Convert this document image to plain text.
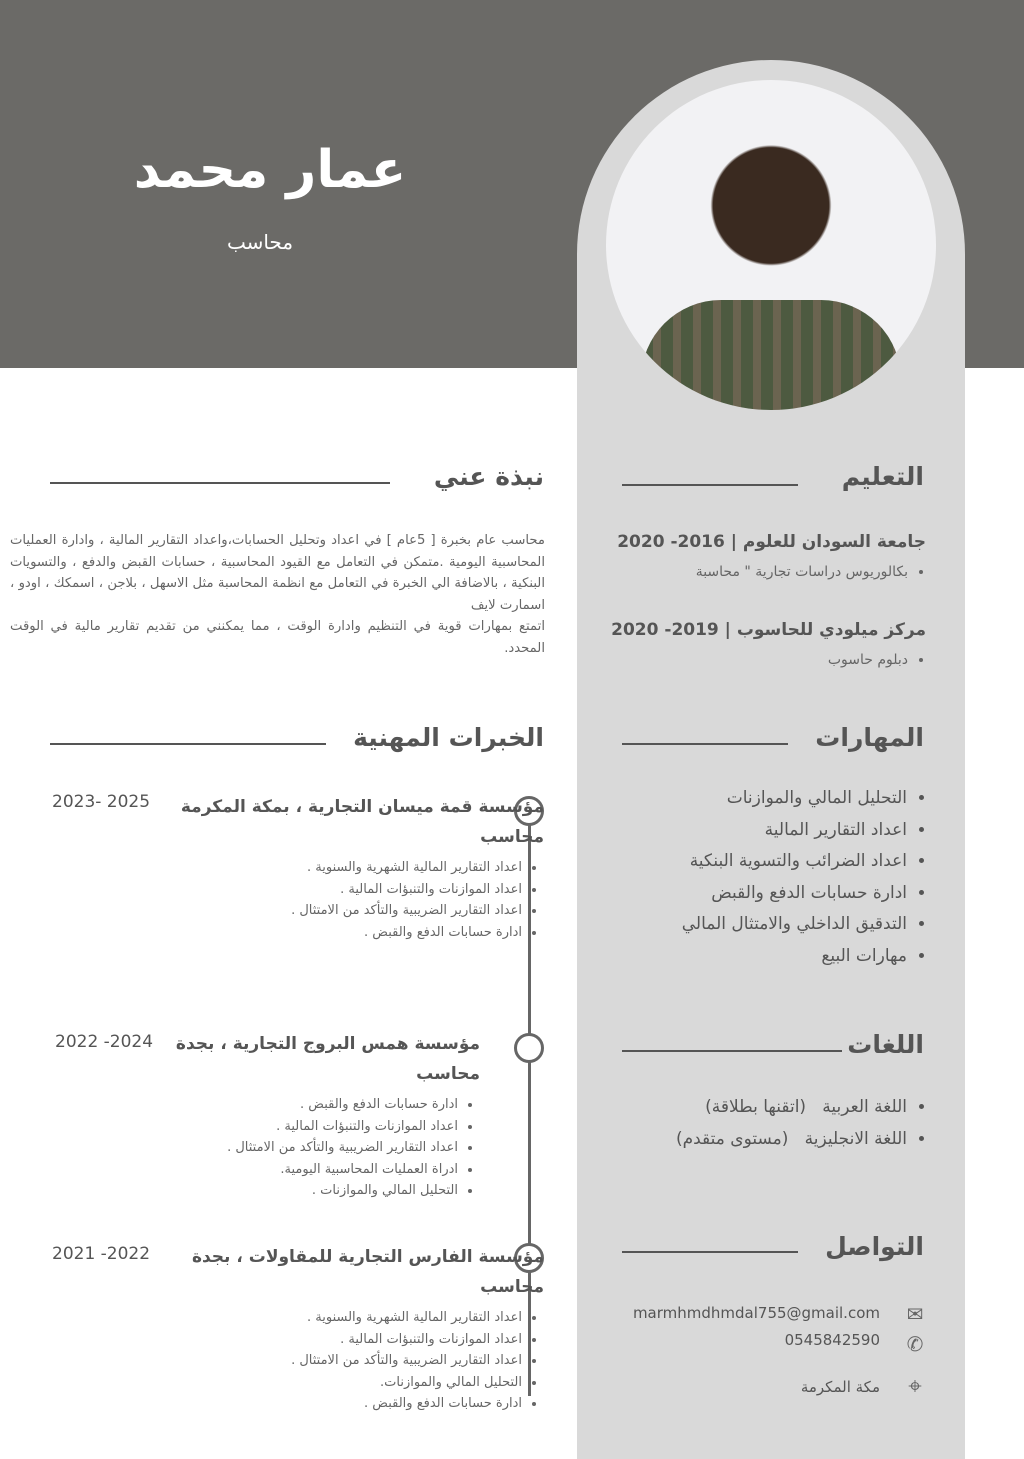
عمار محمد
محاسب
التعليم
جامعة السودان للعلوم | 2016- 2020
• بكالوريوس دراسات تجارية " محاسبة
مركز ميلودي للحاسوب | 2019- 2020
• دبلوم حاسوب
المهارات
• التحليل المالي والموازنات
• اعداد التقارير المالية
• اعداد الضرائب والتسوية البنكية
• ادارة حسابات الدفع والقبض
• التدقيق الداخلي والامتثال المالي
• مهارات البيع
اللغات
• اللغة العربية   (اتقنها بطلاقة)
• اللغة الانجليزية   (مستوى متقدم)
التواصل
✉
marmhmdhmdal755@gmail.com
✆
0545842590
⌖
مكة المكرمة
نبذة عني
محاسب عام بخبرة [ 5عام ] في اعداد وتحليل الحسابات،واعداد التقارير المالية ، وادارة العمليات المحاسبية اليومية .متمكن في التعامل مع القيود المحاسبية ، حسابات القبض والدفع ، والتسويات البنكية ، بالاضافة الي الخبرة في التعامل مع انظمة المحاسبة مثل الاسهل ، بلاجن ، اسمكك ، اودو ، اسمارت لايف
اتمتع بمهارات قوية في التنظيم وادارة الوقت ، مما يمكنني من تقديم تقارير مالية في الوقت المحدد.
الخبرات المهنية
2023- 2025	مؤسسة قمة ميسان التجارية ، بمكة المكرمة
محاسب
• اعداد التقارير المالية الشهرية والسنوية .
• اعداد الموازنات والتنبؤات المالية .
• اعداد التقارير الضريبية والتأكد من الامتثال .
• ادارة حسابات الدفع والقبض .
2022 -2024	مؤسسة همس البروج التجارية ، بجدة
محاسب
• ادارة حسابات الدفع والقبض .
• اعداد الموازنات والتنبؤات المالية .
• اعداد التقارير الضريبية والتأكد من الامتثال .
• ادراة العمليات المحاسبية اليومية.
• التحليل المالي والموازنات .
2021 -2022	مؤسسة الفارس التجارية للمقاولات ، بجدة
محاسب
• اعداد التقارير المالية الشهرية والسنوية .
• اعداد الموازنات والتنبؤات المالية .
• اعداد التقارير الضريبية والتأكد من الامتثال .
• التحليل المالي والموازنات.
• ادارة حسابات الدفع والقبض .
